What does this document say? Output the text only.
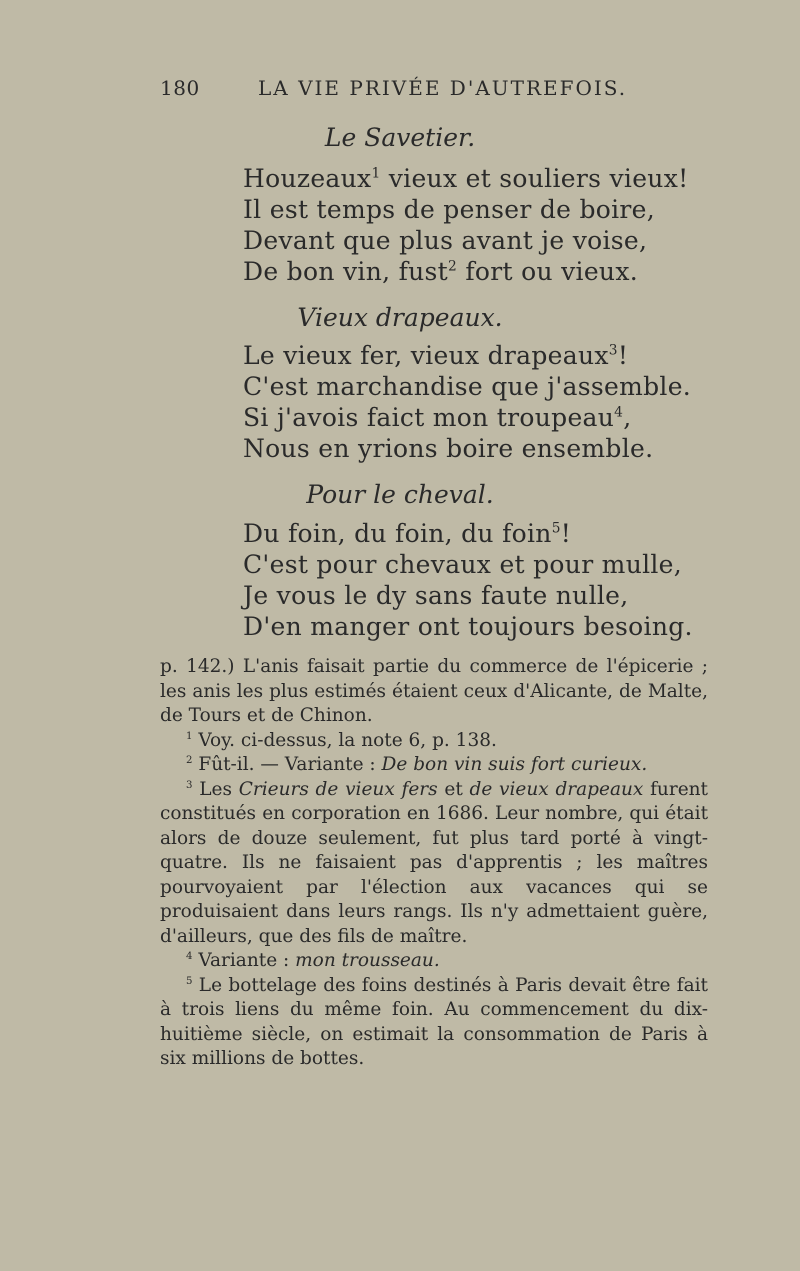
180	LA VIE PRIVÉE D'AUTREFOIS.
Le Savetier.
Houzeaux$^1$ vieux et souliers vieux!
Il est temps de penser de boire,
Devant que plus avant je voise,
De bon vin, fust$^2$ fort ou vieux.
Vieux drapeaux.
Le vieux fer, vieux drapeaux$^3$!
C'est marchandise que j'assemble.
Si j'avois faict mon troupeau$^4$,
Nous en yrions boire ensemble.
Pour le cheval.
Du foin, du foin, du foin$^5$!
C'est pour chevaux et pour mulle,
Je vous le dy sans faute nulle,
D'en manger ont toujours besoing.

p. 142.) L'anis faisait partie du commerce de l'épicerie ; les anis les plus estimés étaient ceux d'Alicante, de Malte, de Tours et de Chinon.

$^1$ Voy. ci-dessus, la note 6, p. 138.

$^2$ Fût-il. — Variante : De bon vin suis fort curieux.

$^3$ Les Crieurs de vieux fers et de vieux drapeaux furent constitués en corporation en 1686. Leur nombre, qui était alors de douze seulement, fut plus tard porté à vingt-quatre. Ils ne faisaient pas d'apprentis ; les maîtres pourvoyaient par l'élection aux vacances qui se produisaient dans leurs rangs. Ils n'y admettaient guère, d'ailleurs, que des fils de maître.

$^4$ Variante : mon trousseau.

$^5$ Le bottelage des foins destinés à Paris devait être fait à trois liens du même foin. Au commencement du dix-huitième siècle, on estimait la consommation de Paris à six millions de bottes.
